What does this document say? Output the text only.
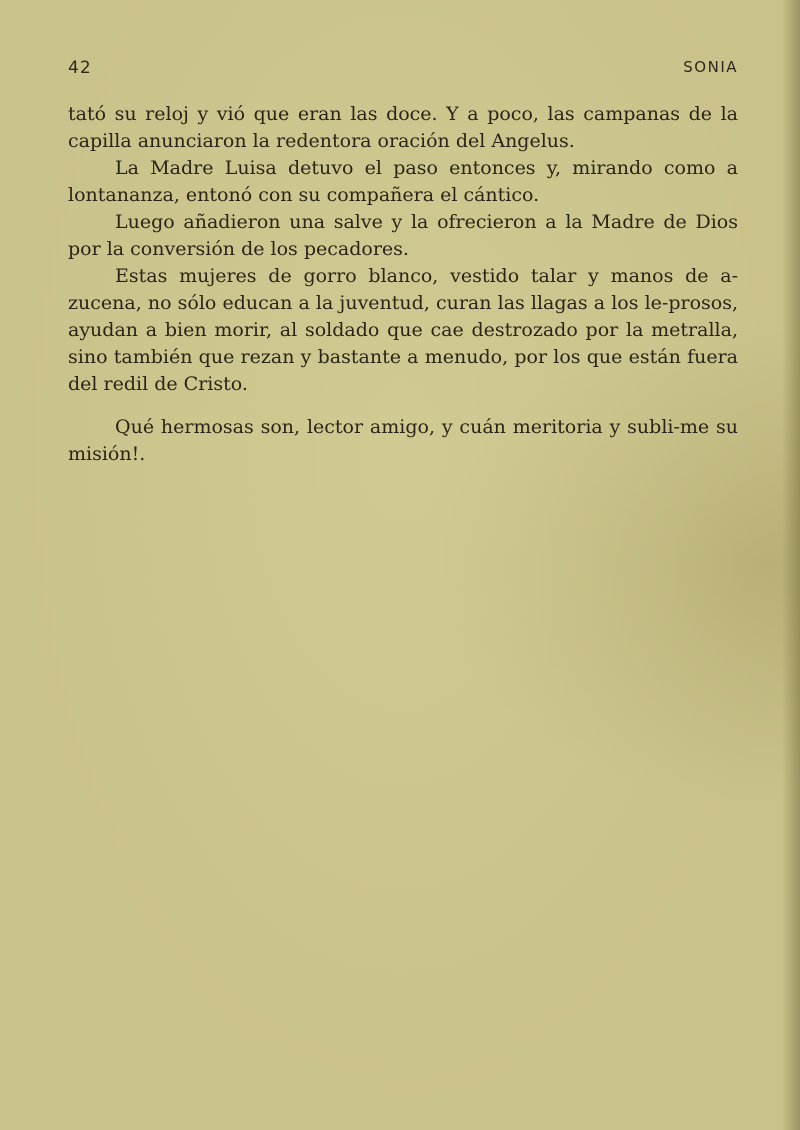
42	SONIA

tató su reloj y vió que eran las doce. Y a poco, las campanas de la capilla anunciaron la redentora oración del Angelus.

La Madre Luisa detuvo el paso entonces y, mirando como a lontananza, entonó con su compañera el cántico.

Luego añadieron una salve y la ofrecieron a la Madre de Dios por la conversión de los pecadores.

Estas mujeres de gorro blanco, vestido talar y manos de a-zucena, no sólo educan a la juventud, curan las llagas a los le-prosos, ayudan a bien morir, al soldado que cae destrozado por la metralla, sino también que rezan y bastante a menudo, por los que están fuera del redil de Cristo.

Qué hermosas son, lector amigo, y cuán meritoria y subli-me su misión!.
